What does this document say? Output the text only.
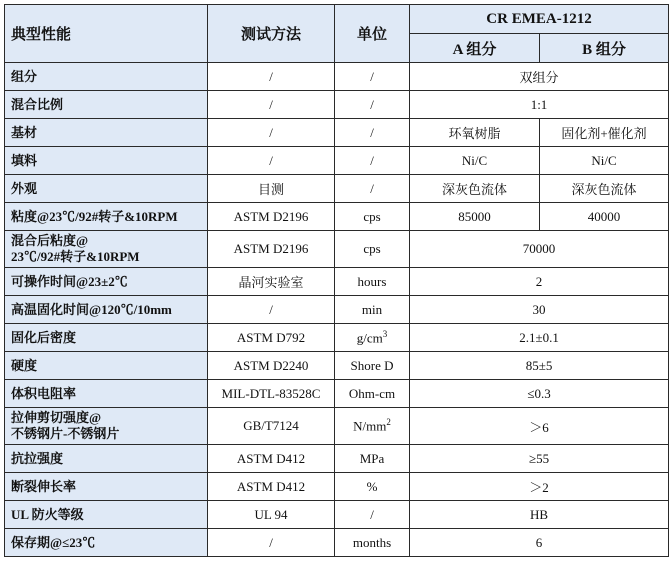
典型性能	测试方法	单位	CR EMEA-1212	
			A 组分	B 组分
组分	/	/	双组分	
混合比例	/	/	1:1	
基材	/	/	环氧树脂	固化剂+催化剂
填料	/	/	Ni/C	Ni/C
外观	目测	/	深灰色流体	深灰色流体
粘度@23℃/92#转子&10RPM	ASTM D2196	cps	85000	40000
混合后粘度@
23℃/92#转子&10RPM	ASTM D2196	cps	70000	
可操作时间@23±2℃	晶河实验室	hours	2	
高温固化时间@120℃/10mm	/	min	30	
固化后密度	ASTM D792	$g/cm^3$	2.1±0.1	
硬度	ASTM D2240	Shore D	85±5	
体积电阻率	MIL-DTL-83528C	Ohm-cm	≤0.3	
拉伸剪切强度@
不锈钢片-不锈钢片	GB/T7124	$N/mm^2$	＞6	
抗拉强度	ASTM D412	MPa	≥55	
断裂伸长率	ASTM D412	%	＞2	
UL 防火等级	UL 94	/	HB	
保存期@≤23℃	/	months	6	
